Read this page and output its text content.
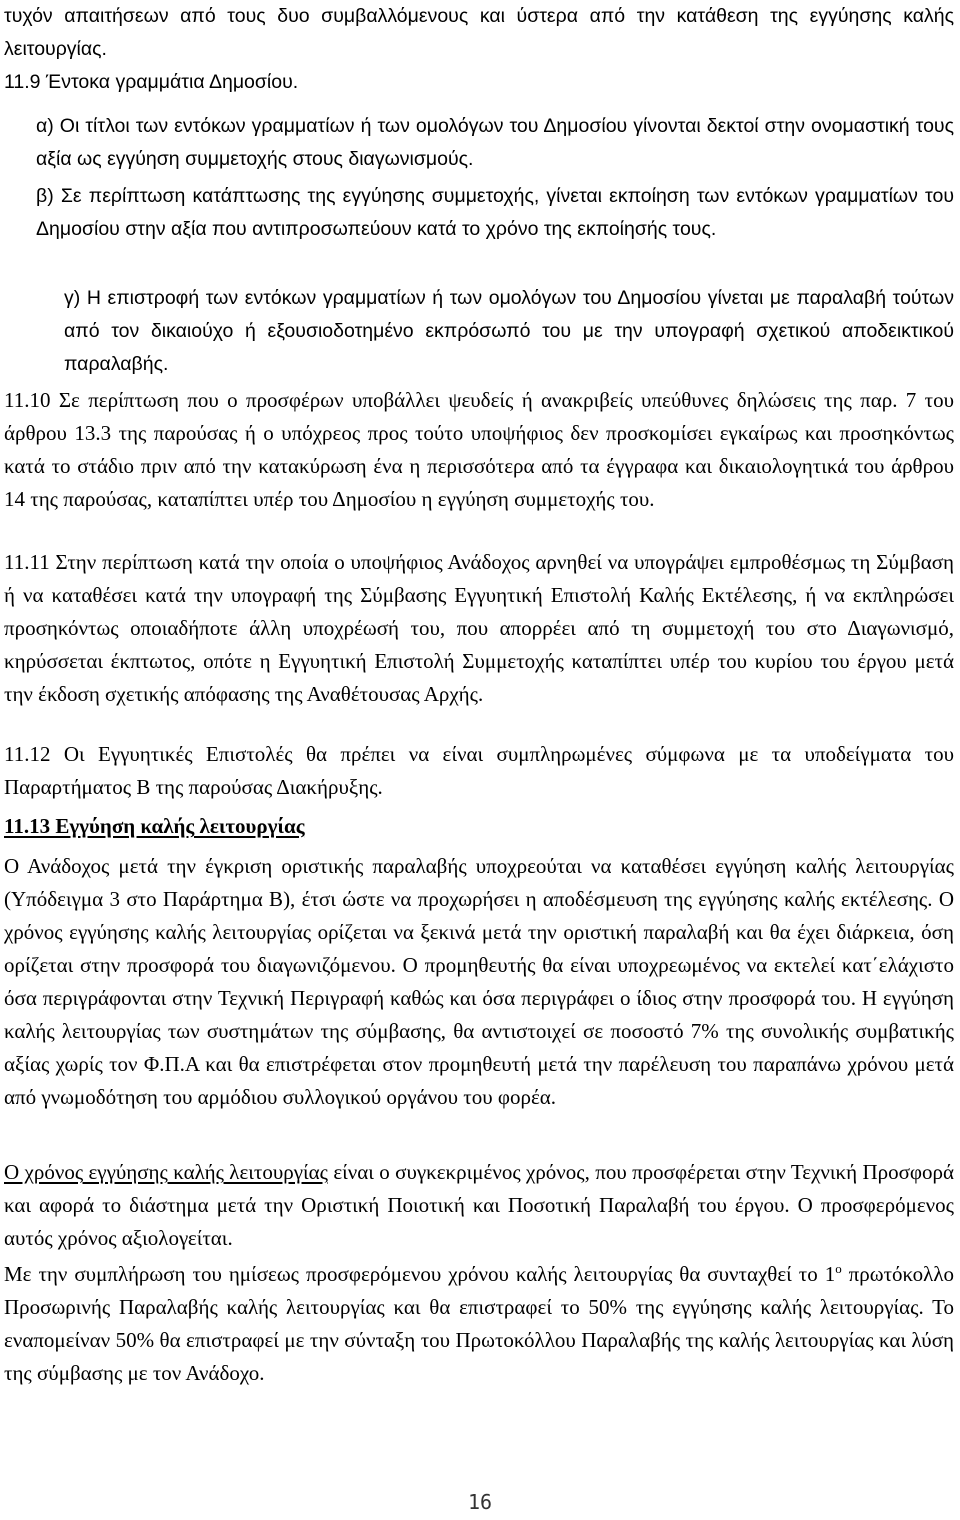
τυχόν απαιτήσεων από τους δυο συμβαλλόμενους και ύστερα από την κατάθεση της εγγύησης καλής λειτουργίας.

11.9 Έντοκα γραμμάτια Δημοσίου.

α) Οι τίτλοι των εντόκων γραμματίων ή των ομολόγων του Δημοσίου γίνονται δεκτοί στην ονομαστική τους αξία ως εγγύηση συμμετοχής στους διαγωνισμούς.

β) Σε περίπτωση κατάπτωσης της εγγύησης συμμετοχής, γίνεται εκποίηση των εντόκων γραμματίων του Δημοσίου στην αξία που αντιπροσωπεύουν κατά το χρόνο της εκποίησής τους.

γ) Η επιστροφή των εντόκων γραμματίων ή των ομολόγων του Δημοσίου γίνεται με παραλαβή τούτων από τον δικαιούχο ή εξουσιοδοτημένο εκπρόσωπό του με την υπογραφή σχετικού αποδεικτικού παραλαβής.

11.10 Σε περίπτωση που ο προσφέρων υποβάλλει ψευδείς ή ανακριβείς υπεύθυνες δηλώσεις της παρ. 7 του άρθρου 13.3 της παρούσας ή ο υπόχρεος προς τούτο υποψήφιος δεν προσκομίσει εγκαίρως και προσηκόντως κατά το στάδιο πριν από την κατακύρωση ένα η περισσότερα από τα έγγραφα και δικαιολογητικά του άρθρου 14 της παρούσας, καταπίπτει υπέρ του Δημοσίου η εγγύηση συμμετοχής του.

11.11 Στην περίπτωση κατά την οποία ο υποψήφιος Ανάδοχος αρνηθεί να υπογράψει εμπροθέσμως τη Σύμβαση ή να καταθέσει κατά την υπογραφή της Σύμβασης Εγγυητική Επιστολή Καλής Εκτέλεσης, ή να εκπληρώσει προσηκόντως οποιαδήποτε άλλη υποχρέωσή του, που απορρέει από τη συμμετοχή του στο Διαγωνισμό, κηρύσσεται έκπτωτος, οπότε η Εγγυητική Επιστολή Συμμετοχής καταπίπτει υπέρ του κυρίου του έργου μετά την έκδοση σχετικής απόφασης της Αναθέτουσας Αρχής.

11.12 Οι Εγγυητικές Επιστολές θα πρέπει να είναι συμπληρωμένες σύμφωνα με τα υποδείγματα του Παραρτήματος Β της παρούσας Διακήρυξης.

11.13 Εγγύηση καλής λειτουργίας

Ο Ανάδοχος μετά την έγκριση οριστικής παραλαβής υποχρεούται να καταθέσει εγγύηση καλής λειτουργίας (Υπόδειγμα 3 στο Παράρτημα Β), έτσι ώστε να προχωρήσει η αποδέσμευση της εγγύησης καλής εκτέλεσης. Ο χρόνος εγγύησης καλής λειτουργίας ορίζεται να ξεκινά μετά την οριστική παραλαβή και θα έχει διάρκεια, όση ορίζεται στην προσφορά του διαγωνιζόμενου. Ο προμηθευτής θα είναι υποχρεωμένος να εκτελεί κατ΄ελάχιστο όσα περιγράφονται στην Τεχνική Περιγραφή καθώς και όσα περιγράφει ο ίδιος στην προσφορά του. Η εγγύηση καλής λειτουργίας των συστημάτων της σύμβασης, θα αντιστοιχεί σε ποσοστό 7% της συνολικής συμβατικής αξίας χωρίς τον Φ.Π.Α και θα επιστρέφεται στον προμηθευτή μετά την παρέλευση του παραπάνω χρόνου μετά από γνωμοδότηση του αρμόδιου συλλογικού οργάνου του φορέα.

Ο χρόνος εγγύησης καλής λειτουργίας είναι ο συγκεκριμένος χρόνος, που προσφέρεται στην Τεχνική Προσφορά και αφορά το διάστημα μετά την Οριστική Ποιοτική και Ποσοτική Παραλαβή του έργου. Ο προσφερόμενος αυτός χρόνος αξιολογείται.

Με την συμπλήρωση του ημίσεως προσφερόμενου χρόνου καλής λειτουργίας θα συνταχθεί το $1^o$ πρωτόκολλο Προσωρινής Παραλαβής καλής λειτουργίας και θα επιστραφεί το 50% της εγγύησης καλής λειτουργίας. Το εναπομείναν 50% θα επιστραφεί με την σύνταξη του Πρωτοκόλλου Παραλαβής της καλής λειτουργίας και λύση της σύμβασης με τον Ανάδοχο.

16
